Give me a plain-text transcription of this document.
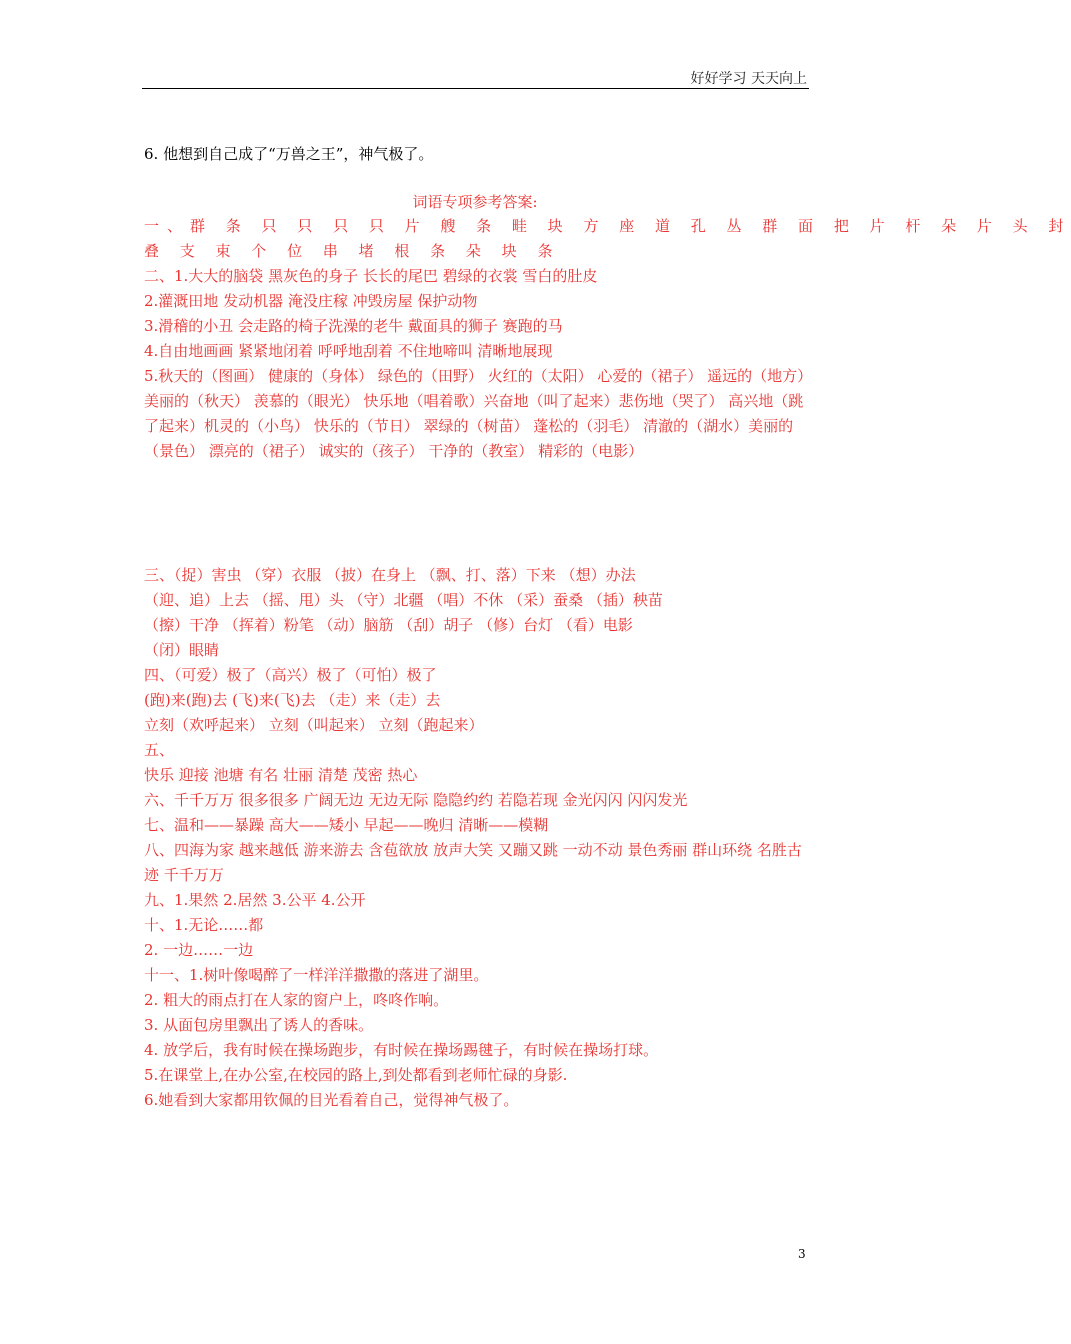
好好学习 天天向上
6. 他想到自己成了“万兽之王”，神气极了。
词语专项参考答案:
一、群 条 只 只 只 只 片 艘 条 畦 块 方 座 道 孔 丛 群 面 把 片 杆 朵 片 头 封
叠 支 束 个 位 串 堵 根 条 朵 块 条
二、1.大大的脑袋 黑灰色的身子 长长的尾巴 碧绿的衣裳 雪白的肚皮
2.灌溉田地 发动机器 淹没庄稼 冲毁房屋 保护动物
3.滑稽的小丑 会走路的椅子洗澡的老牛 戴面具的狮子 赛跑的马
4.自由地画画 紧紧地闭着 呼呼地刮着 不住地啼叫 清晰地展现
5.秋天的（图画） 健康的（身体） 绿色的（田野） 火红的（太阳） 心爱的（裙子） 遥远的（地方） 美丽的（秋天） 羡慕的（眼光） 快乐地（唱着歌）兴奋地（叫了起来）悲伤地（哭了） 高兴地（跳了起来）机灵的（小鸟） 快乐的（节日） 翠绿的（树苗） 蓬松的（羽毛） 清澈的（湖水）美丽的（景色） 漂亮的（裙子） 诚实的（孩子） 干净的（教室） 精彩的（电影）
三、（捉）害虫 （穿）衣服 （披）在身上 （飘、打、落）下来 （想）办法
（迎、追）上去 （摇、甩）头 （守）北疆 （唱）不休 （采）蚕桑 （插）秧苗
（擦）干净 （挥着）粉笔 （动）脑筋 （刮）胡子 （修）台灯 （看）电影
（闭）眼睛
四、（可爱）极了（高兴）极了（可怕）极了
(跑)来(跑)去 (飞)来(飞)去 （走）来（走）去
立刻（欢呼起来） 立刻（叫起来） 立刻（跑起来）
五、
快乐 迎接 池塘 有名 壮丽 清楚 茂密 热心
六、千千万万 很多很多 广阔无边 无边无际 隐隐约约 若隐若现 金光闪闪 闪闪发光
七、温和——暴躁 高大——矮小 早起——晚归 清晰——模糊
八、四海为家 越来越低 游来游去 含苞欲放 放声大笑 又蹦又跳 一动不动 景色秀丽 群山环绕 名胜古迹 千千万万
九、1.果然 2.居然 3.公平 4.公开
十、1.无论……都
2. 一边……一边
十一、1.树叶像喝醉了一样洋洋撒撒的落进了湖里。
2. 粗大的雨点打在人家的窗户上，咚咚作响。
3. 从面包房里飘出了诱人的香味。
4. 放学后，我有时候在操场跑步，有时候在操场踢毽子，有时候在操场打球。
5.在课堂上,在办公室,在校园的路上,到处都看到老师忙碌的身影.
6.她看到大家都用钦佩的目光看着自己，觉得神气极了。
3
